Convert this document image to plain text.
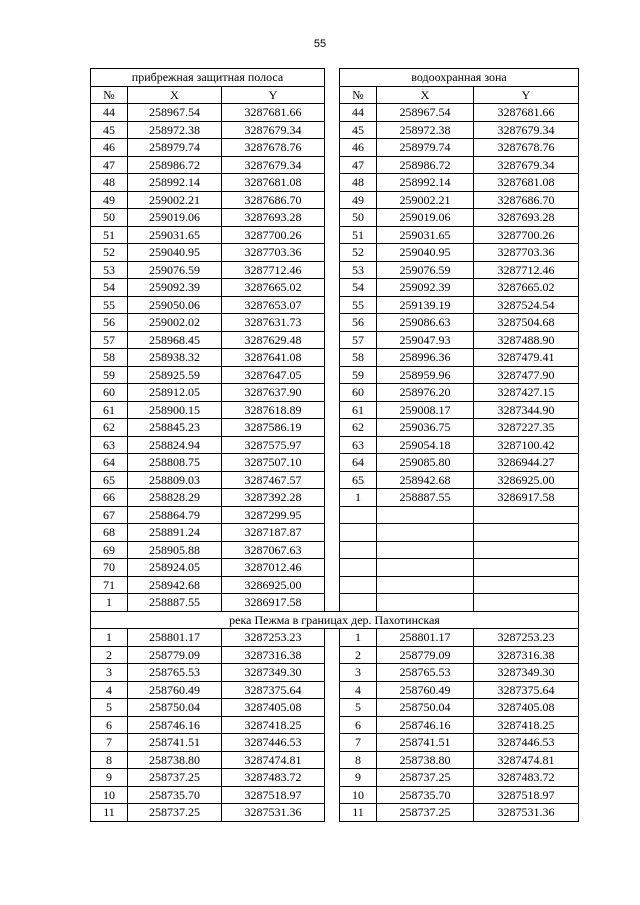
55
прибрежная защитная полоса				водоохранная зона		
№	X	Y		№	X	Y
44	258967.54	3287681.66		44	258967.54	3287681.66
45	258972.38	3287679.34		45	258972.38	3287679.34
46	258979.74	3287678.76		46	258979.74	3287678.76
47	258986.72	3287679.34		47	258986.72	3287679.34
48	258992.14	3287681.08		48	258992.14	3287681.08
49	259002.21	3287686.70		49	259002.21	3287686.70
50	259019.06	3287693.28		50	259019.06	3287693.28
51	259031.65	3287700.26		51	259031.65	3287700.26
52	259040.95	3287703.36		52	259040.95	3287703.36
53	259076.59	3287712.46		53	259076.59	3287712.46
54	259092.39	3287665.02		54	259092.39	3287665.02
55	259050.06	3287653.07		55	259139.19	3287524.54
56	259002.02	3287631.73		56	259086.63	3287504.68
57	258968.45	3287629.48		57	259047.93	3287488.90
58	258938.32	3287641.08		58	258996.36	3287479.41
59	258925.59	3287647.05		59	258959.96	3287477.90
60	258912.05	3287637.90		60	258976.20	3287427.15
61	258900.15	3287618.89		61	259008.17	3287344.90
62	258845.23	3287586.19		62	259036.75	3287227.35
63	258824.94	3287575.97		63	259054.18	3287100.42
64	258808.75	3287507.10		64	259085.80	3286944.27
65	258809.03	3287467.57		65	258942.68	3286925.00
66	258828.29	3287392.28		1	258887.55	3286917.58
67	258864.79	3287299.95				
68	258891.24	3287187.87				
69	258905.88	3287067.63				
70	258924.05	3287012.46				
71	258942.68	3286925.00				
1	258887.55	3286917.58				
река Пежма в границах дер. Пахотинская						
1	258801.17	3287253.23		1	258801.17	3287253.23
2	258779.09	3287316.38		2	258779.09	3287316.38
3	258765.53	3287349.30		3	258765.53	3287349.30
4	258760.49	3287375.64		4	258760.49	3287375.64
5	258750.04	3287405.08		5	258750.04	3287405.08
6	258746.16	3287418.25		6	258746.16	3287418.25
7	258741.51	3287446.53		7	258741.51	3287446.53
8	258738.80	3287474.81		8	258738.80	3287474.81
9	258737.25	3287483.72		9	258737.25	3287483.72
10	258735.70	3287518.97		10	258735.70	3287518.97
11	258737.25	3287531.36		11	258737.25	3287531.36
